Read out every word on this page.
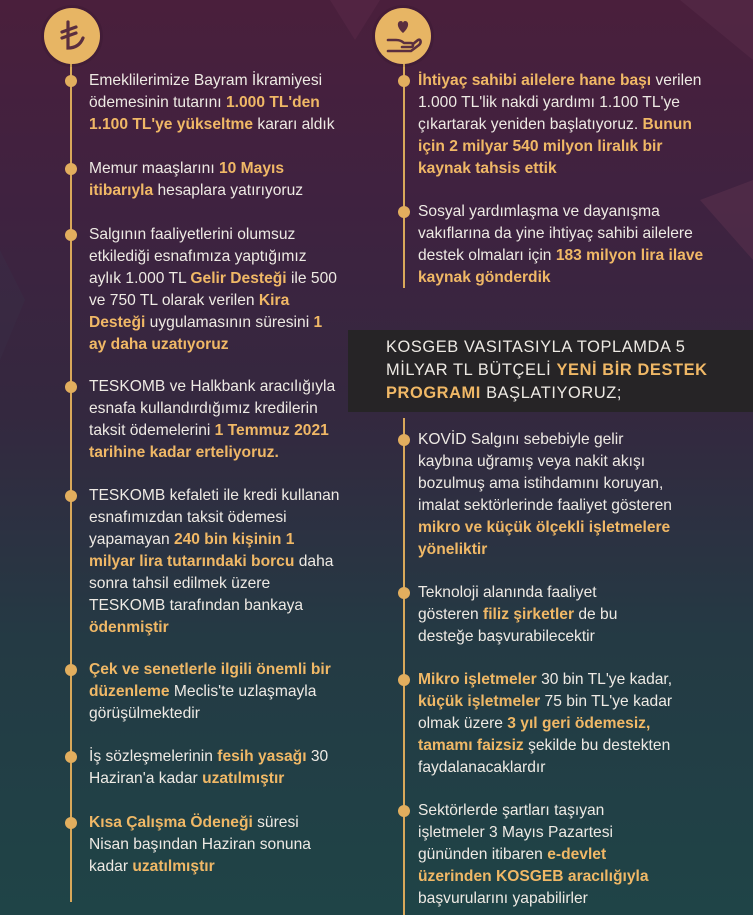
KOSGEB VASITASIYLA TOPLAMDA 5 MİLYAR TL BÜTÇELİ YENİ BİR DESTEK PROGRAMI BAŞLATIYORUZ;
Emeklilerimize Bayram İkramiyesi ödemesinin tutarını 1.000 TL'den 1.100 TL'ye yükseltme kararı aldık
Memur maaşlarını 10 Mayıs itibarıyla hesaplara yatırıyoruz
Salgının faaliyetlerini olumsuz etkilediği esnafımıza yaptığımız aylık 1.000 TL Gelir Desteği ile 500 ve 750 TL olarak verilen Kira Desteği uygulamasının süresini 1 ay daha uzatıyoruz
TESKOMB ve Halkbank aracılığıyla esnafa kullandırdığımız kredilerin taksit ödemelerini 1 Temmuz 2021 tarihine kadar erteliyoruz.
TESKOMB kefaleti ile kredi kullanan esnafımızdan taksit ödemesi yapamayan 240 bin kişinin 1 milyar lira tutarındaki borcu daha sonra tahsil edilmek üzere TESKOMB tarafından bankaya ödenmiştir
Çek ve senetlerle ilgili önemli bir düzenleme Meclis'te uzlaşmayla görüşülmektedir
İş sözleşmelerinin fesih yasağı 30 Haziran'a kadar uzatılmıştır
Kısa Çalışma Ödeneği süresi Nisan başından Haziran sonuna kadar uzatılmıştır
İhtiyaç sahibi ailelere hane başı verilen 1.000 TL'lik nakdi yardımı 1.100 TL'ye çıkartarak yeniden başlatıyoruz. Bunun için 2 milyar 540 milyon liralık bir kaynak tahsis ettik
Sosyal yardımlaşma ve dayanışma vakıflarına da yine ihtiyaç sahibi ailelere destek olmaları için 183 milyon lira ilave kaynak gönderdik
KOVİD Salgını sebebiyle gelir kaybına uğramış veya nakit akışı bozulmuş ama istihdamını koruyan, imalat sektörlerinde faaliyet gösteren mikro ve küçük ölçekli işletmelere yöneliktir
Teknoloji alanında faaliyet gösteren filiz şirketler de bu desteğe başvurabilecektir
Mikro işletmeler 30 bin TL'ye kadar, küçük işletmeler 75 bin TL'ye kadar olmak üzere 3 yıl geri ödemesiz, tamamı faizsiz şekilde bu destekten faydalanacaklardır
Sektörlerde şartları taşıyan işletmeler 3 Mayıs Pazartesi gününden itibaren e-devlet üzerinden KOSGEB aracılığıyla başvurularını yapabilirler
